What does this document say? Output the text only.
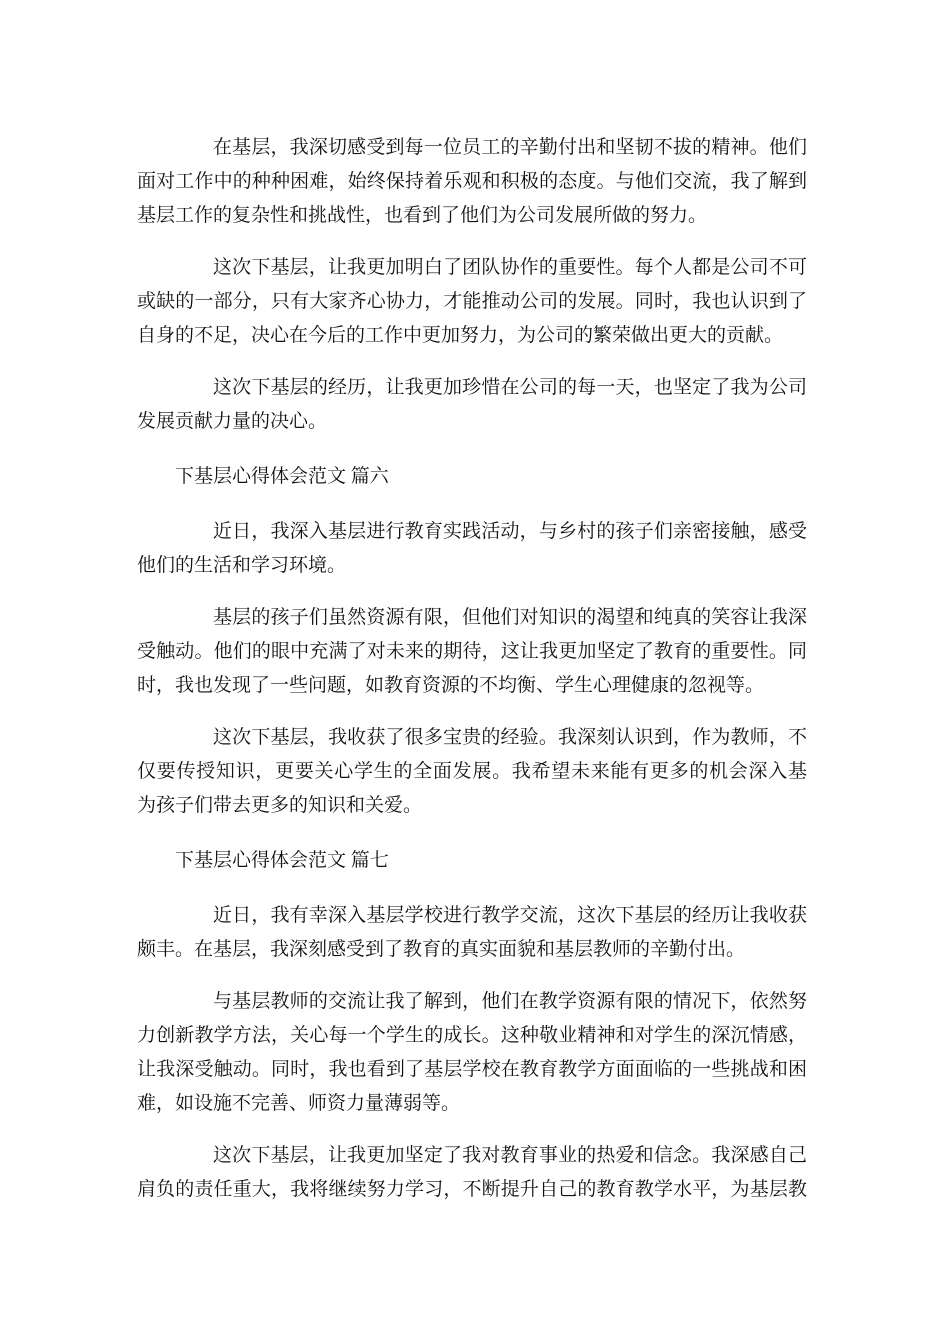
在基层，我深切感受到每一位员工的辛勤付出和坚韧不拔的精神。他们
面对工作中的种种困难，始终保持着乐观和积极的态度。与他们交流，我了解到
基层工作的复杂性和挑战性，也看到了他们为公司发展所做的努力。
这次下基层，让我更加明白了团队协作的重要性。每个人都是公司不可
或缺的一部分，只有大家齐心协力，才能推动公司的发展。同时，我也认识到了
自身的不足，决心在今后的工作中更加努力，为公司的繁荣做出更大的贡献。
这次下基层的经历，让我更加珍惜在公司的每一天，也坚定了我为公司
发展贡献力量的决心。
下基层心得体会范文 篇六
近日，我深入基层进行教育实践活动，与乡村的孩子们亲密接触，感受
他们的生活和学习环境。
基层的孩子们虽然资源有限，但他们对知识的渴望和纯真的笑容让我深
受触动。他们的眼中充满了对未来的期待，这让我更加坚定了教育的重要性。同
时，我也发现了一些问题，如教育资源的不均衡、学生心理健康的忽视等。
这次下基层，我收获了很多宝贵的经验。我深刻认识到，作为教师，不
仅要传授知识，更要关心学生的全面发展。我希望未来能有更多的机会深入基
为孩子们带去更多的知识和关爱。
下基层心得体会范文 篇七
近日，我有幸深入基层学校进行教学交流，这次下基层的经历让我收获
颇丰。在基层，我深刻感受到了教育的真实面貌和基层教师的辛勤付出。
与基层教师的交流让我了解到，他们在教学资源有限的情况下，依然努
力创新教学方法，关心每一个学生的成长。这种敬业精神和对学生的深沉情感，
让我深受触动。同时，我也看到了基层学校在教育教学方面面临的一些挑战和困
难，如设施不完善、师资力量薄弱等。
这次下基层，让我更加坚定了我对教育事业的热爱和信念。我深感自己
肩负的责任重大，我将继续努力学习，不断提升自己的教育教学水平，为基层教
